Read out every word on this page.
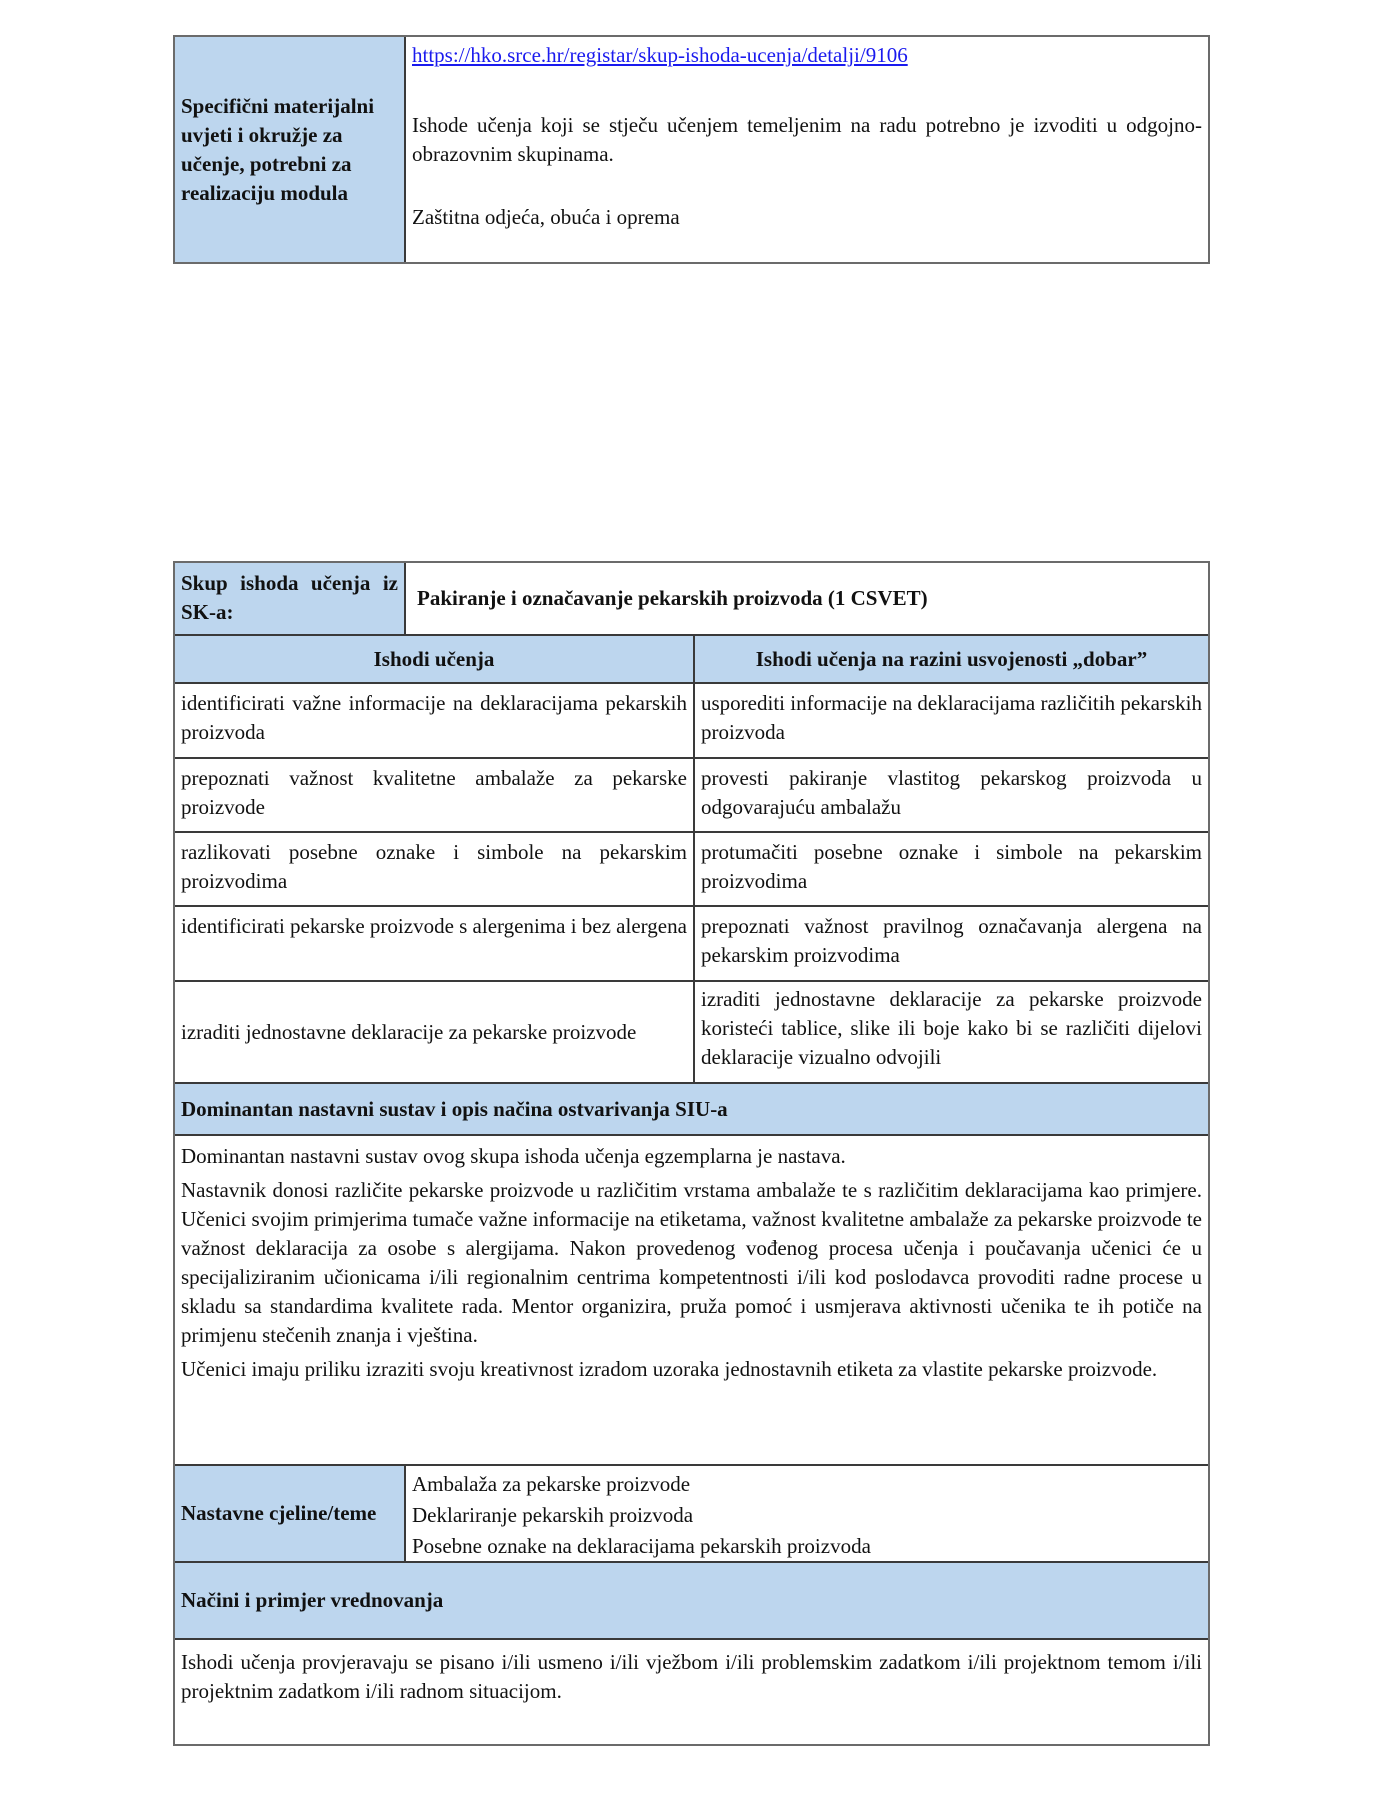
Specifični materijalni uvjeti i okružje za učenje, potrebni za realizaciju modula
https://hko.srce.hr/registar/skup-ishoda-ucenja/detalji/9106

Ishode učenja koji se stječu učenjem temeljenim na radu potrebno je izvoditi u odgojno-obrazovnim skupinama.

Zaštitna odjeća, obuća i oprema

Skup ishoda učenja iz SK-a:

Pakiranje i označavanje pekarskih proizvoda (1 CSVET)
Ishodi učenja	Ishodi učenja na razini usvojenosti „dobar”

identificirati važne informacije na deklaracijama pekarskih proizvoda

usporediti informacije na deklaracijama različitih pekarskih proizvoda

prepoznati važnost kvalitetne ambalaže za pekarske proizvode

provesti pakiranje vlastitog pekarskog proizvoda u odgovarajuću ambalažu

razlikovati posebne oznake i simbole na pekarskim proizvodima

protumačiti posebne oznake i simbole na pekarskim proizvodima

identificirati pekarske proizvode s alergenima i bez alergena prepoznati važnost pravilnog označavanja alergena na pekarskim proizvodima

izraditi jednostavne deklaracije za pekarske proizvode

izraditi jednostavne deklaracije za pekarske proizvode koristeći tablice, slike ili boje kako bi se različiti dijelovi deklaracije vizualno odvojili

Dominantan nastavni sustav i opis načina ostvarivanja SIU-a

Dominantan nastavni sustav ovog skupa ishoda učenja egzemplarna je nastava.

Nastavnik donosi različite pekarske proizvode u različitim vrstama ambalaže te s različitim deklaracijama kao primjere. Učenici svojim primjerima tumače važne informacije na etiketama, važnost kvalitetne ambalaže za pekarske proizvode te važnost deklaracija za osobe s alergijama. Nakon provedenog vođenog procesa učenja i poučavanja učenici će u specijaliziranim učionicama i/ili regionalnim centrima kompetentnosti i/ili kod poslodavca provoditi radne procese u skladu sa standardima kvalitete rada. Mentor organizira, pruža pomoć i usmjerava aktivnosti učenika te ih potiče na primjenu stečenih znanja i vještina.

Učenici imaju priliku izraziti svoju kreativnost izradom uzoraka jednostavnih etiketa za vlastite pekarske proizvode.

Nastavne cjeline/teme

Ambalaža za pekarske proizvode

Deklariranje pekarskih proizvoda

Posebne oznake na deklaracijama pekarskih proizvoda

Načini i primjer vrednovanja

Ishodi učenja provjeravaju se pisano i/ili usmeno i/ili vježbom i/ili problemskim zadatkom i/ili projektnom temom i/ili projektnim zadatkom i/ili radnom situacijom.
